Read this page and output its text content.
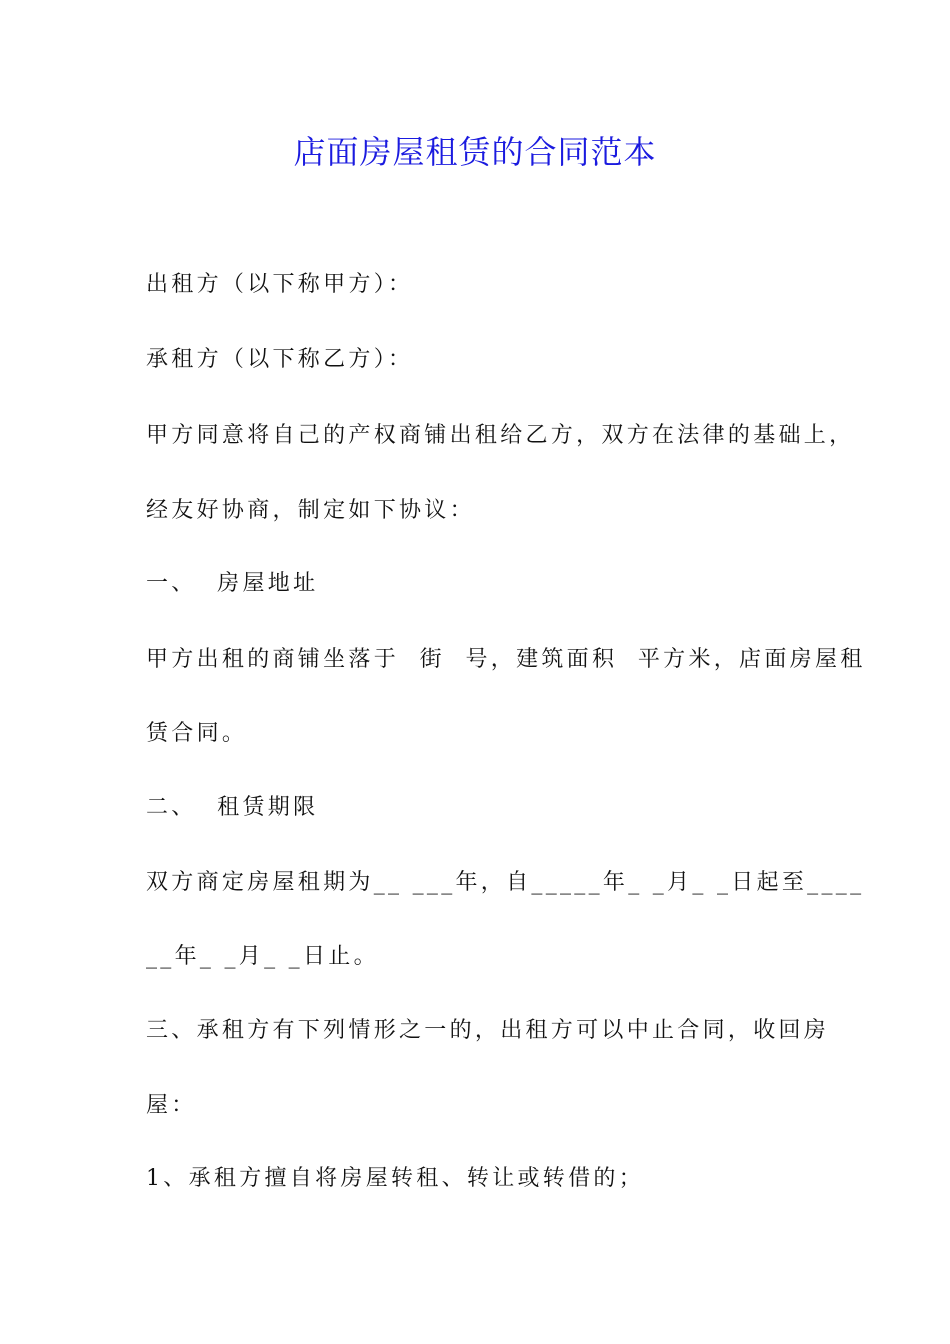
店面房屋租赁的合同范本

出租方（以下称甲方）：

承租方（以下称乙方）：

甲方同意将自己的产权商铺出租给乙方，双方在法律的基础上，

经友好协商，制定如下协议：

一、  房屋地址

甲方出租的商铺坐落于  街  号，建筑面积  平方米，店面房屋租

赁合同。

二、  租赁期限

双方商定房屋租期为__ ___年，自_____年_ _月_ _日起至____

__年_ _月_ _日止。

三、承租方有下列情形之一的，出租方可以中止合同，收回房

屋：

1、承租方擅自将房屋转租、转让或转借的；
